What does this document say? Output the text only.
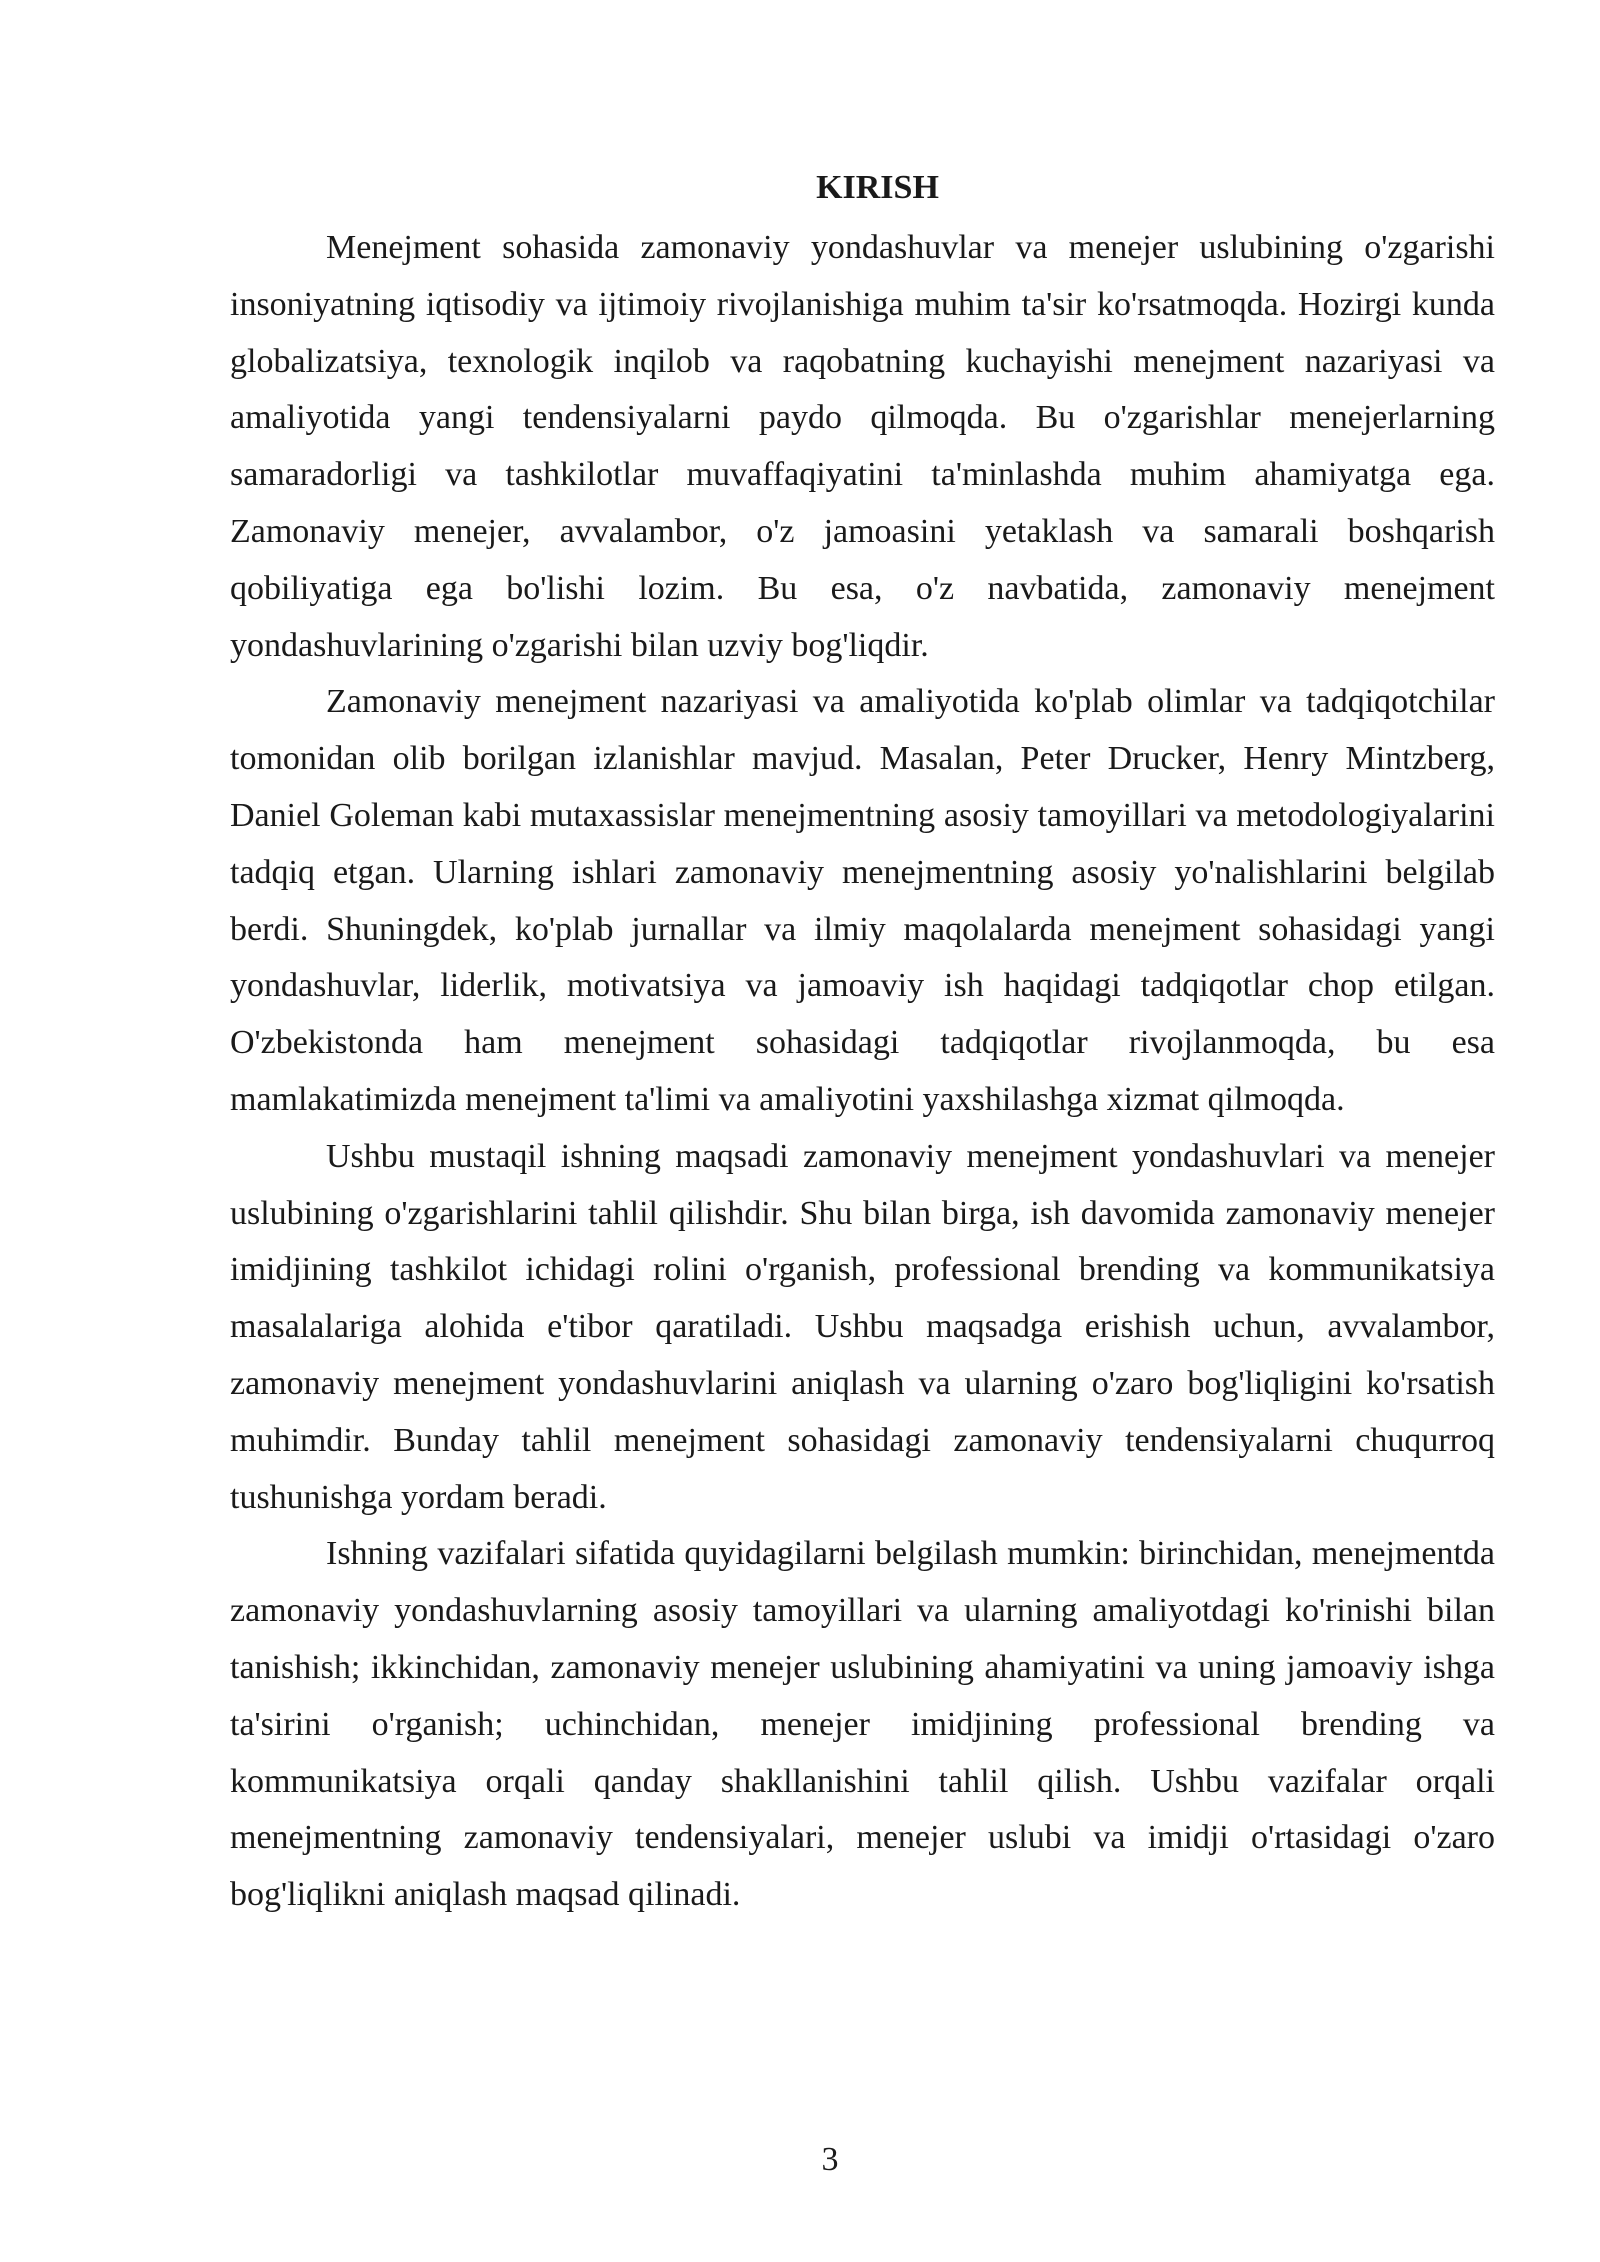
KIRISH

Menejment sohasida zamonaviy yondashuvlar va menejer uslubining o'zgarishi insoniyatning iqtisodiy va ijtimoiy rivojlanishiga muhim ta'sir ko'rsatmoqda. Hozirgi kunda globalizatsiya, texnologik inqilob va raqobatning kuchayishi menejment nazariyasi va amaliyotida yangi tendensiyalarni paydo qilmoqda. Bu o'zgarishlar menejerlarning samaradorligi va tashkilotlar muvaffaqiyatini ta'minlashda muhim ahamiyatga ega. Zamonaviy menejer, avvalambor, o'z jamoasini yetaklash va samarali boshqarish qobiliyatiga ega bo'lishi lozim. Bu esa, o'z navbatida, zamonaviy menejment yondashuvlarining o'zgarishi bilan uzviy bog'liqdir.

Zamonaviy menejment nazariyasi va amaliyotida ko'plab olimlar va tadqiqotchilar tomonidan olib borilgan izlanishlar mavjud. Masalan, Peter Drucker, Henry Mintzberg, Daniel Goleman kabi mutaxassislar menejmentning asosiy tamoyillari va metodologiyalarini tadqiq etgan. Ularning ishlari zamonaviy menejmentning asosiy yo'nalishlarini belgilab berdi. Shuningdek, ko'plab jurnallar va ilmiy maqolalarda menejment sohasidagi yangi yondashuvlar, liderlik, motivatsiya va jamoaviy ish haqidagi tadqiqotlar chop etilgan. O'zbekistonda ham menejment sohasidagi tadqiqotlar rivojlanmoqda, bu esa mamlakatimizda menejment ta'limi va amaliyotini yaxshilashga xizmat qilmoqda.

Ushbu mustaqil ishning maqsadi zamonaviy menejment yondashuvlari va menejer uslubining o'zgarishlarini tahlil qilishdir. Shu bilan birga, ish davomida zamonaviy menejer imidjining tashkilot ichidagi rolini o'rganish, professional brending va kommunikatsiya masalalariga alohida e'tibor qaratiladi. Ushbu maqsadga erishish uchun, avvalambor, zamonaviy menejment yondashuvlarini aniqlash va ularning o'zaro bog'liqligini ko'rsatish muhimdir. Bunday tahlil menejment sohasidagi zamonaviy tendensiyalarni chuqurroq tushunishga yordam beradi.

Ishning vazifalari sifatida quyidagilarni belgilash mumkin: birinchidan, menejmentda zamonaviy yondashuvlarning asosiy tamoyillari va ularning amaliyotdagi ko'rinishi bilan tanishish; ikkinchidan, zamonaviy menejer uslubining ahamiyatini va uning jamoaviy ishga ta'sirini o'rganish; uchinchidan, menejer imidjining professional brending va kommunikatsiya orqali qanday shakllanishini tahlil qilish. Ushbu vazifalar orqali menejmentning zamonaviy tendensiyalari, menejer uslubi va imidji o'rtasidagi o'zaro bog'liqlikni aniqlash maqsad qilinadi.

3
